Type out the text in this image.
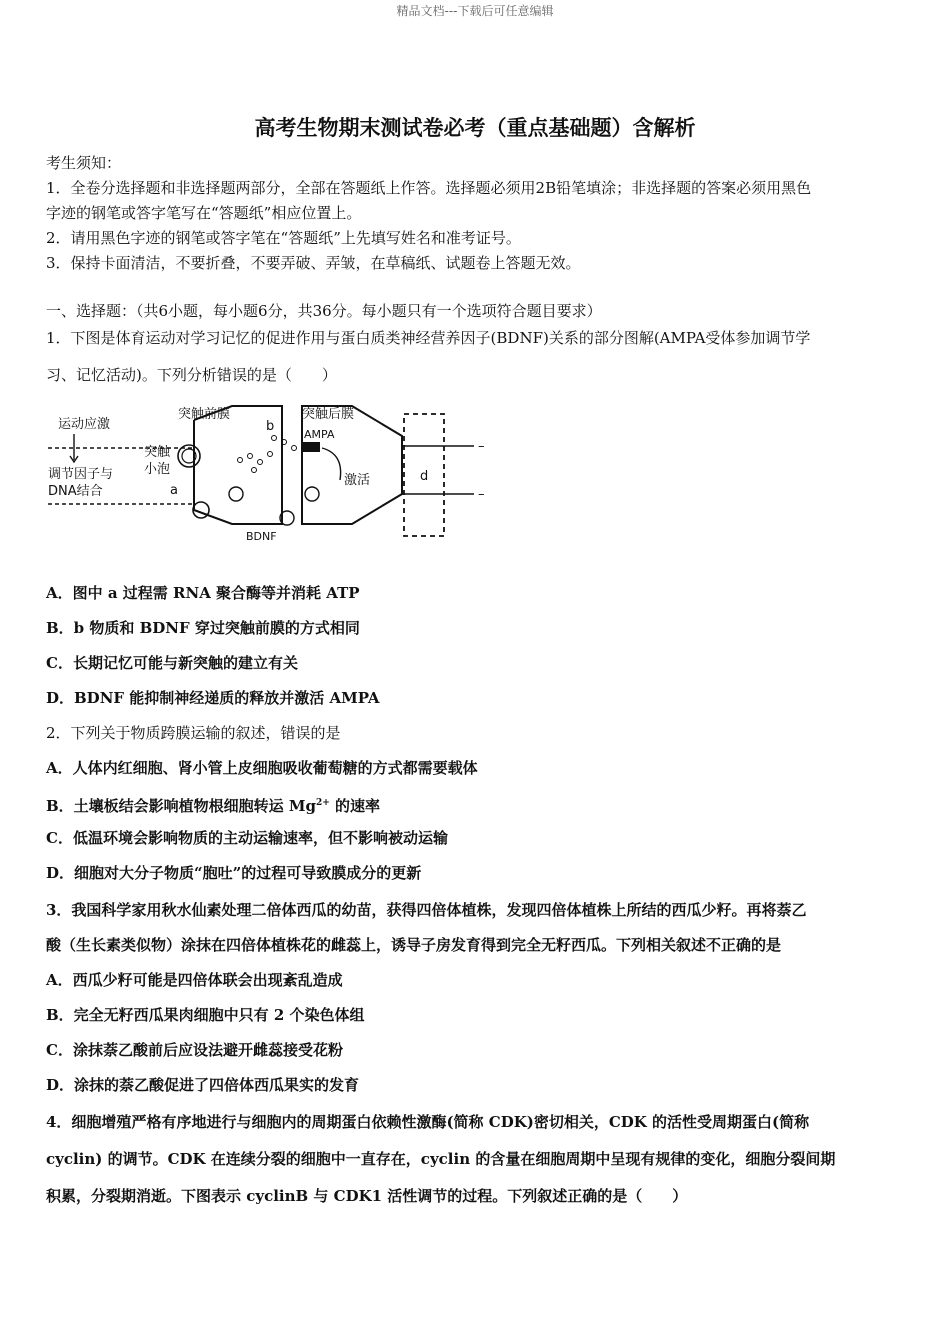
精品文档---下载后可任意编辑
高考生物期末测试卷必考（重点基础题）含解析
考生须知：
1．全卷分选择题和非选择题两部分，全部在答题纸上作答。选择题必须用2B铅笔填涂；非选择题的答案必须用黑色
字迹的钢笔或答字笔写在“答题纸”相应位置上。
2．请用黑色字迹的钢笔或答字笔在“答题纸”上先填写姓名和准考证号。
3．保持卡面清洁，不要折叠，不要弄破、弄皱，在草稿纸、试题卷上答题无效。
一、选择题：（共6小题，每小题6分，共36分。每小题只有一个选项符合题目要求）
1．下图是体育运动对学习记忆的促进作用与蛋白质类神经营养因子(BDNF)关系的部分图解(AMPA受体参加调节学
习、记忆活动)。下列分析错误的是（　　）
运动应激
调节因子与
DNA结合
突触前膜	突触后膜
突触
小泡
a
b
AMPA
激活	d
BDNF
–
–
A．图中 a 过程需 RNA 聚合酶等并消耗 ATP
B．b 物质和 BDNF 穿过突触前膜的方式相同
C．长期记忆可能与新突触的建立有关
D．BDNF 能抑制神经递质的释放并激活 AMPA
2．下列关于物质跨膜运输的叙述，错误的是
A．人体内红细胞、肾小管上皮细胞吸收葡萄糖的方式都需要载体
B．土壤板结会影响植物根细胞转运 $Mg^{2+}$ 的速率
C．低温环境会影响物质的主动运输速率，但不影响被动运输
D．细胞对大分子物质“胞吐”的过程可导致膜成分的更新
3．我国科学家用秋水仙素处理二倍体西瓜的幼苗，获得四倍体植株，发现四倍体植株上所结的西瓜少籽。再将萘乙
酸（生长素类似物）涂抹在四倍体植株花的雌蕊上，诱导子房发育得到完全无籽西瓜。下列相关叙述不正确的是
A．西瓜少籽可能是四倍体联会出现紊乱造成
B．完全无籽西瓜果肉细胞中只有 2 个染色体组
C．涂抹萘乙酸前后应设法避开雌蕊接受花粉
D．涂抹的萘乙酸促进了四倍体西瓜果实的发育
4．细胞增殖严格有序地进行与细胞内的周期蛋白依赖性激酶(简称 CDK)密切相关，CDK 的活性受周期蛋白(简称
cyclin) 的调节。CDK 在连续分裂的细胞中一直存在，cyclin 的含量在细胞周期中呈现有规律的变化，细胞分裂间期
积累，分裂期消逝。下图表示 cyclinB 与 CDK1 活性调节的过程。下列叙述正确的是（　　）
